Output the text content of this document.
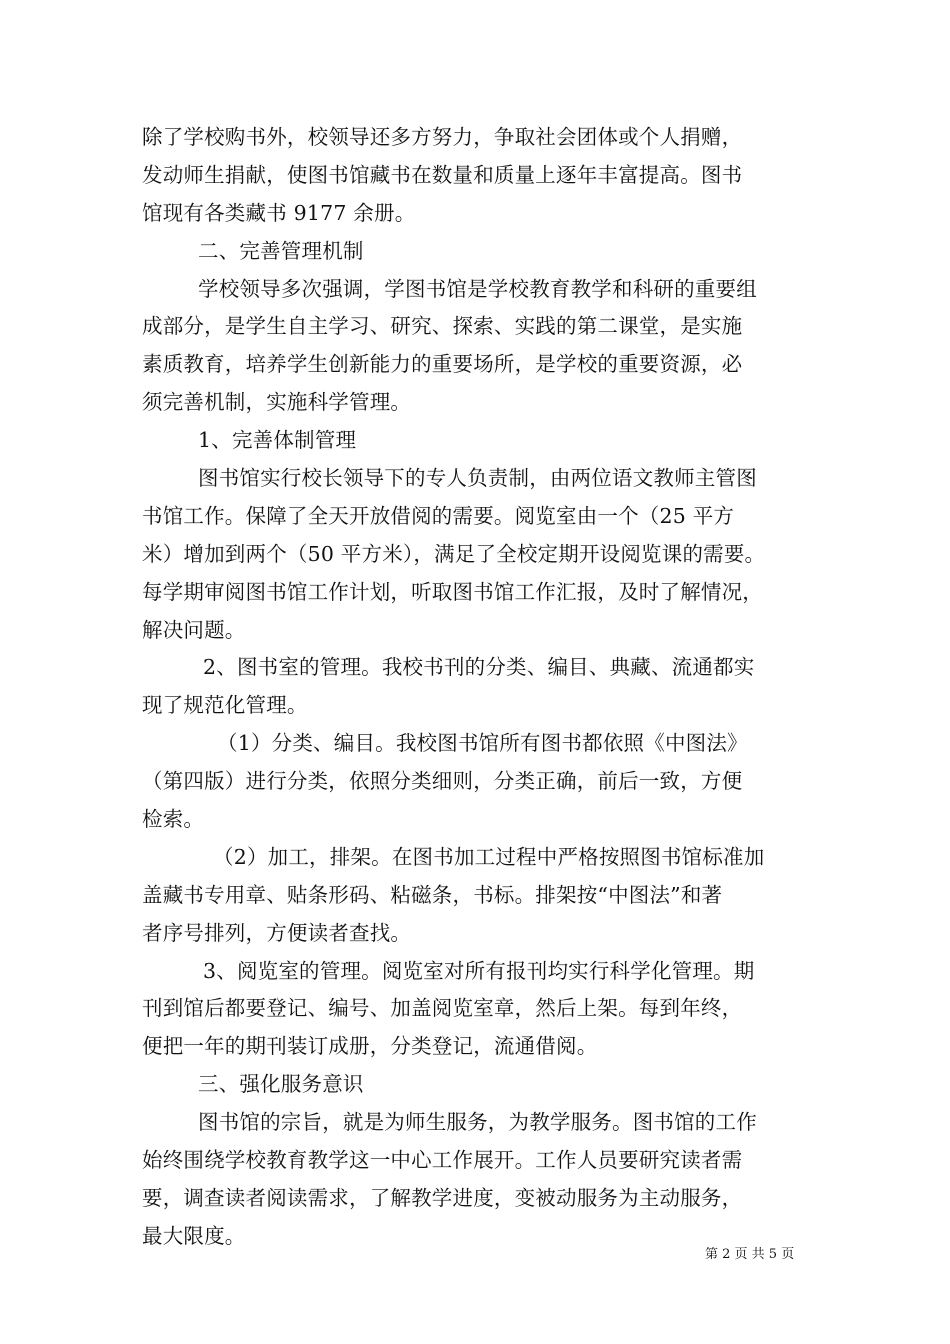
除了学校购书外，校领导还多方努力，争取社会团体或个人捐赠，
发动师生捐献，使图书馆藏书在数量和质量上逐年丰富提高。图书
馆现有各类藏书 9177 余册。
二、完善管理机制
学校领导多次强调，学图书馆是学校教育教学和科研的重要组
成部分，是学生自主学习、研究、探索、实践的第二课堂，是实施
素质教育，培养学生创新能力的重要场所，是学校的重要资源，必
须完善机制，实施科学管理。
1、完善体制管理
图书馆实行校长领导下的专人负责制，由两位语文教师主管图
书馆工作。保障了全天开放借阅的需要。阅览室由一个（25 平方
米）增加到两个（50 平方米），满足了全校定期开设阅览课的需要。
每学期审阅图书馆工作计划，听取图书馆工作汇报，及时了解情况，
解决问题。
2、图书室的管理。我校书刊的分类、编目、典藏、流通都实
现了规范化管理。
（1）分类、编目。我校图书馆所有图书都依照《中图法》
（第四版）进行分类，依照分类细则，分类正确，前后一致，方便
检索。
（2）加工，排架。在图书加工过程中严格按照图书馆标准加
盖藏书专用章、贴条形码、粘磁条，书标。排架按“中图法”和著
者序号排列，方便读者查找。
3、阅览室的管理。阅览室对所有报刊均实行科学化管理。期
刊到馆后都要登记、编号、加盖阅览室章，然后上架。每到年终，
便把一年的期刊装订成册，分类登记，流通借阅。
三、强化服务意识
图书馆的宗旨，就是为师生服务，为教学服务。图书馆的工作
始终围绕学校教育教学这一中心工作展开。工作人员要研究读者需
要，调查读者阅读需求，了解教学进度，变被动服务为主动服务，
最大限度。
第 2 页 共 5 页
